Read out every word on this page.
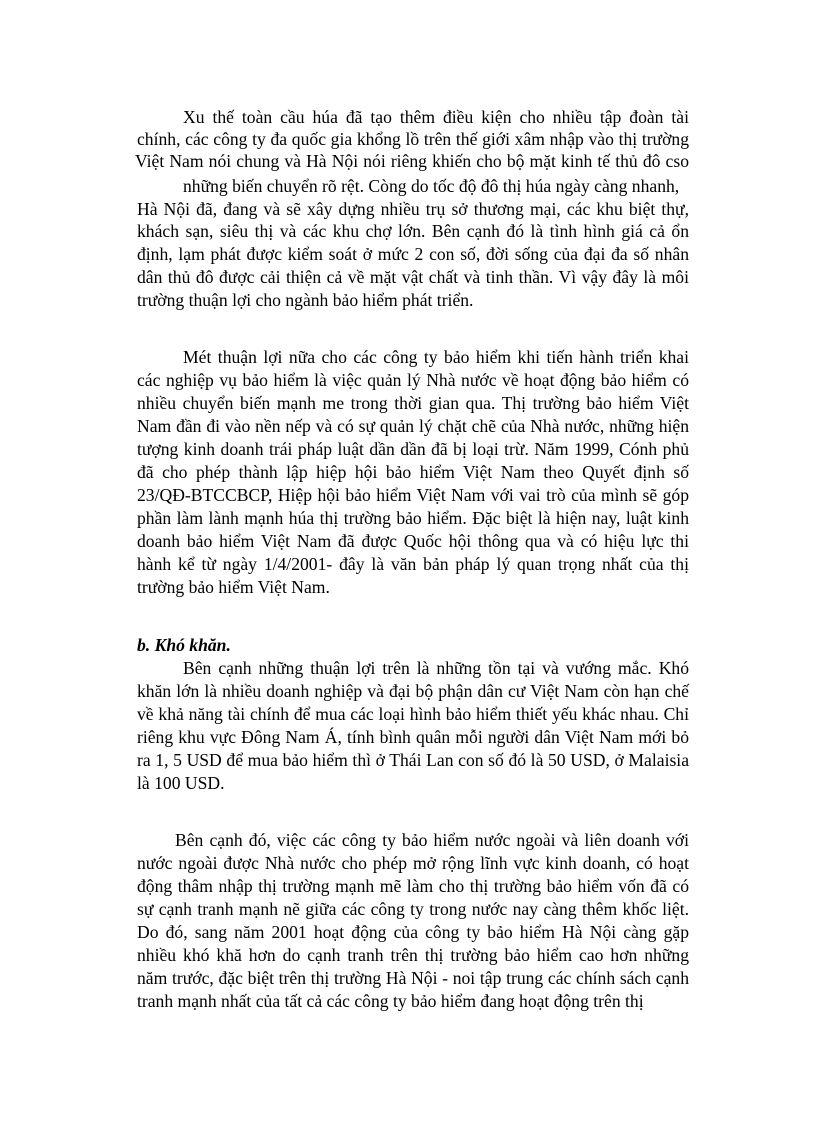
Xu thế toàn cầu húa đã tạo thêm điều kiện cho nhiều tập đoàn tài
chính, các công ty đa quốc gia khổng lồ trên thế giới xâm nhập vào thị trường
Việt Nam nói chung và Hà Nội nói riêng khiến cho bộ mặt kinh tế thủ đô cso
những biến chuyển rõ rệt. Còng do tốc độ đô thị húa ngày càng nhanh,
Hà Nội đã, đang và sẽ xây dựng nhiều trụ sở thương mại, các khu biệt thự,
khách sạn, siêu thị và các khu chợ lớn. Bên cạnh đó là tình hình giá cả ổn
định, lạm phát được kiểm soát ở mức 2 con số, đời sống của đại đa số nhân
dân thủ đô được cải thiện cả về mặt vật chất và tinh thần. Vì vậy đây là môi
trường thuận lợi cho ngành bảo hiểm phát triển.
Mét thuận lợi nữa cho các công ty bảo hiểm khi tiến hành triển khai
các nghiệp vụ bảo hiểm là việc quản lý Nhà nước về hoạt động bảo hiểm có
nhiều chuyển biến mạnh me trong thời gian qua. Thị trường bảo hiểm Việt
Nam đần đi vào nền nếp và có sự quản lý chặt chẽ của Nhà nước, những hiện
tượng kinh doanh trái pháp luật dần dần đã bị loại trừ. Năm 1999, Cónh phủ
đã cho phép thành lập hiệp hội bảo hiểm Việt Nam theo Quyết định số
23/QĐ-BTCCBCP, Hiệp hội bảo hiểm Việt Nam với vai trò của mình sẽ góp
phần làm lành mạnh húa thị trường bảo hiểm. Đặc biệt là hiện nay, luật kinh
doanh bảo hiểm Việt Nam đã được Quốc hội thông qua và có hiệu lực thi
hành kể từ ngày 1/4/2001- đây là văn bản pháp lý quan trọng nhất của thị
trường bảo hiểm Việt Nam.
b. Khó khăn.
Bên cạnh những thuận lợi trên là những tồn tại và vướng mắc. Khó
khăn lớn là nhiều doanh nghiệp và đại bộ phận dân cư Việt Nam còn hạn chế
về khả năng tài chính để mua các loại hình bảo hiểm thiết yếu khác nhau. Chỉ
riêng khu vực Đông Nam Á, tính bình quân mỗi người dân Việt Nam mới bỏ
ra 1, 5 USD để mua bảo hiểm thì ở Thái Lan con số đó là 50 USD, ở Malaisia
là 100 USD.
Bên cạnh đó, việc các công ty bảo hiểm nước ngoài và liên doanh với
nước ngoài được Nhà nước cho phép mở rộng lĩnh vực kinh doanh, có hoạt
động thâm nhập thị trường mạnh mẽ làm cho thị trường bảo hiểm vốn đã có
sự cạnh tranh mạnh nẽ giữa các công ty trong nước nay càng thêm khốc liệt.
Do đó, sang năm 2001 hoạt động của công ty bảo hiểm Hà Nội càng gặp
nhiều khó khă hơn do cạnh tranh trên thị trường bảo hiểm cao hơn những
năm trước, đặc biệt trên thị trường Hà Nội - noi tập trung các chính sách cạnh
tranh mạnh nhất của tất cả các công ty bảo hiểm đang hoạt động trên thị
